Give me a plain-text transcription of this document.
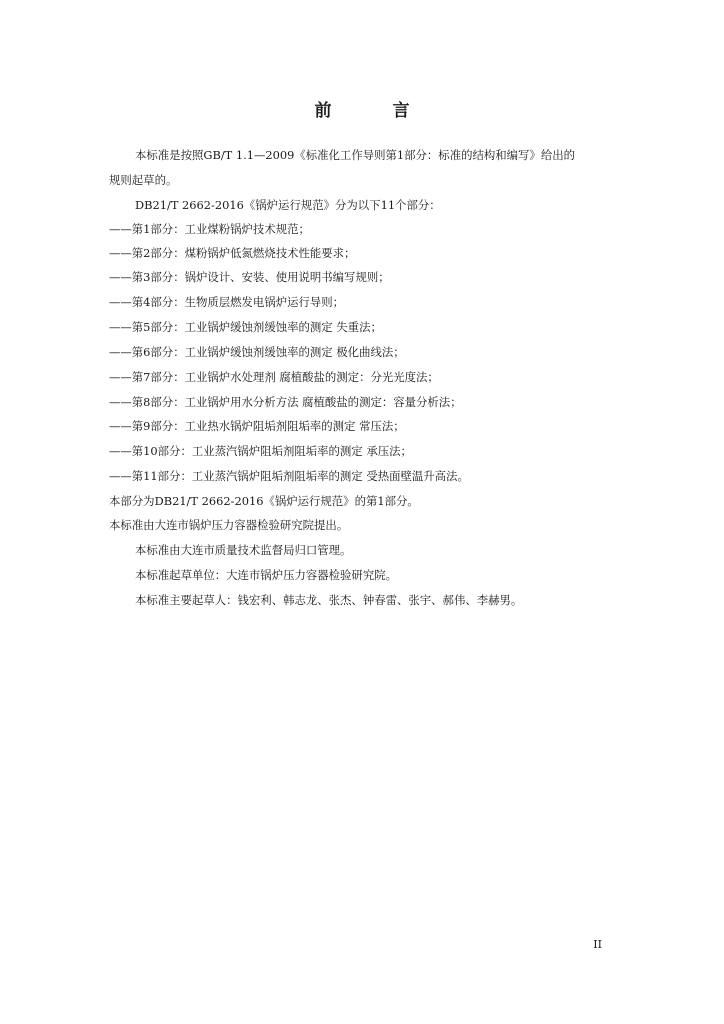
前　言
本标准是按照GB/T 1.1—2009《标准化工作导则第1部分：标准的结构和编写》给出的
规则起草的。
DB21/T 2662-2016《锅炉运行规范》分为以下11个部分：
——第1部分：工业煤粉锅炉技术规范；
——第2部分：煤粉锅炉低氮燃烧技术性能要求；
——第3部分：锅炉设计、安装、使用说明书编写规则；
——第4部分：生物质层燃发电锅炉运行导则；
——第5部分：工业锅炉缓蚀剂缓蚀率的测定 失重法；
——第6部分：工业锅炉缓蚀剂缓蚀率的测定 极化曲线法；
——第7部分：工业锅炉水处理剂 腐植酸盐的测定：分光光度法；
——第8部分：工业锅炉用水分析方法 腐植酸盐的测定：容量分析法；
——第9部分：工业热水锅炉阻垢剂阻垢率的测定 常压法；
——第10部分：工业蒸汽锅炉阻垢剂阻垢率的测定 承压法；
——第11部分：工业蒸汽锅炉阻垢剂阻垢率的测定 受热面壁温升高法。
本部分为DB21/T 2662-2016《锅炉运行规范》的第1部分。
本标准由大连市锅炉压力容器检验研究院提出。
本标准由大连市质量技术监督局归口管理。
本标准起草单位：大连市锅炉压力容器检验研究院。
本标准主要起草人：钱宏利、韩志龙、张杰、钟春雷、张宇、郝伟、李赫男。
II
